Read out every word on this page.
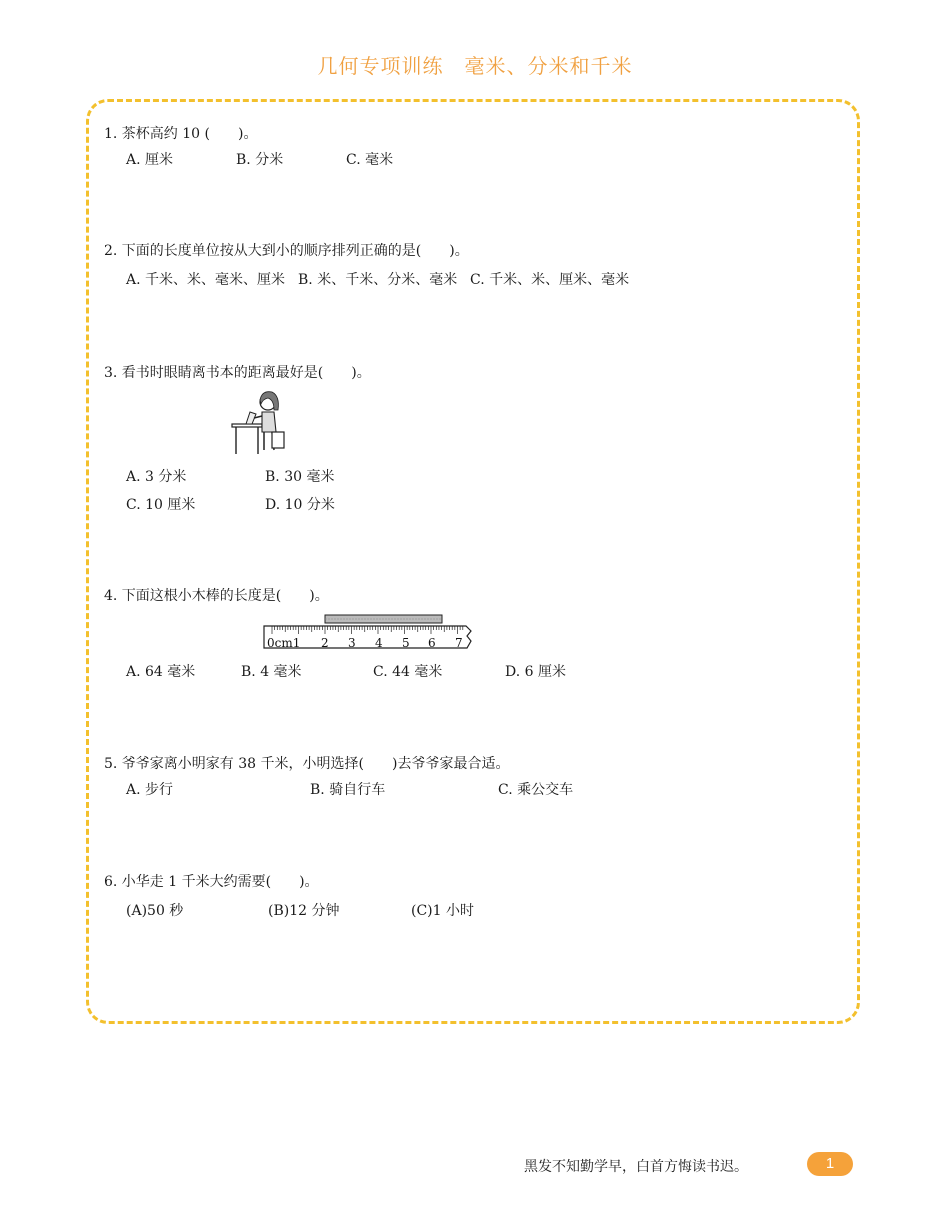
几何专项训练　毫米、分米和千米
1. 茶杯高约 10 (　　)。
A. 厘米	B. 分米	C. 毫米
2. 下面的长度单位按从大到小的顺序排列正确的是(　　)。
A. 千米、米、毫米、厘米 B. 米、千米、分米、毫米 C. 千米、米、厘米、毫米
3. 看书时眼睛离书本的距离最好是(　　)。
A. 3 分米	B. 30 毫米
C. 10 厘米	D. 10 分米
4. 下面这根小木棒的长度是(　　)。
0cm1 2 3 4 5 6 7
A. 64 毫米	B. 4 毫米	C. 44 毫米	D. 6 厘米
5. 爷爷家离小明家有 38 千米，小明选择(　　)去爷爷家最合适。
A. 步行	B. 骑自行车	C. 乘公交车
6. 小华走 1 千米大约需要(　　)。
(A)50 秒	(B)12 分钟	(C)1 小时
黑发不知勤学早，白首方悔读书迟。	1
